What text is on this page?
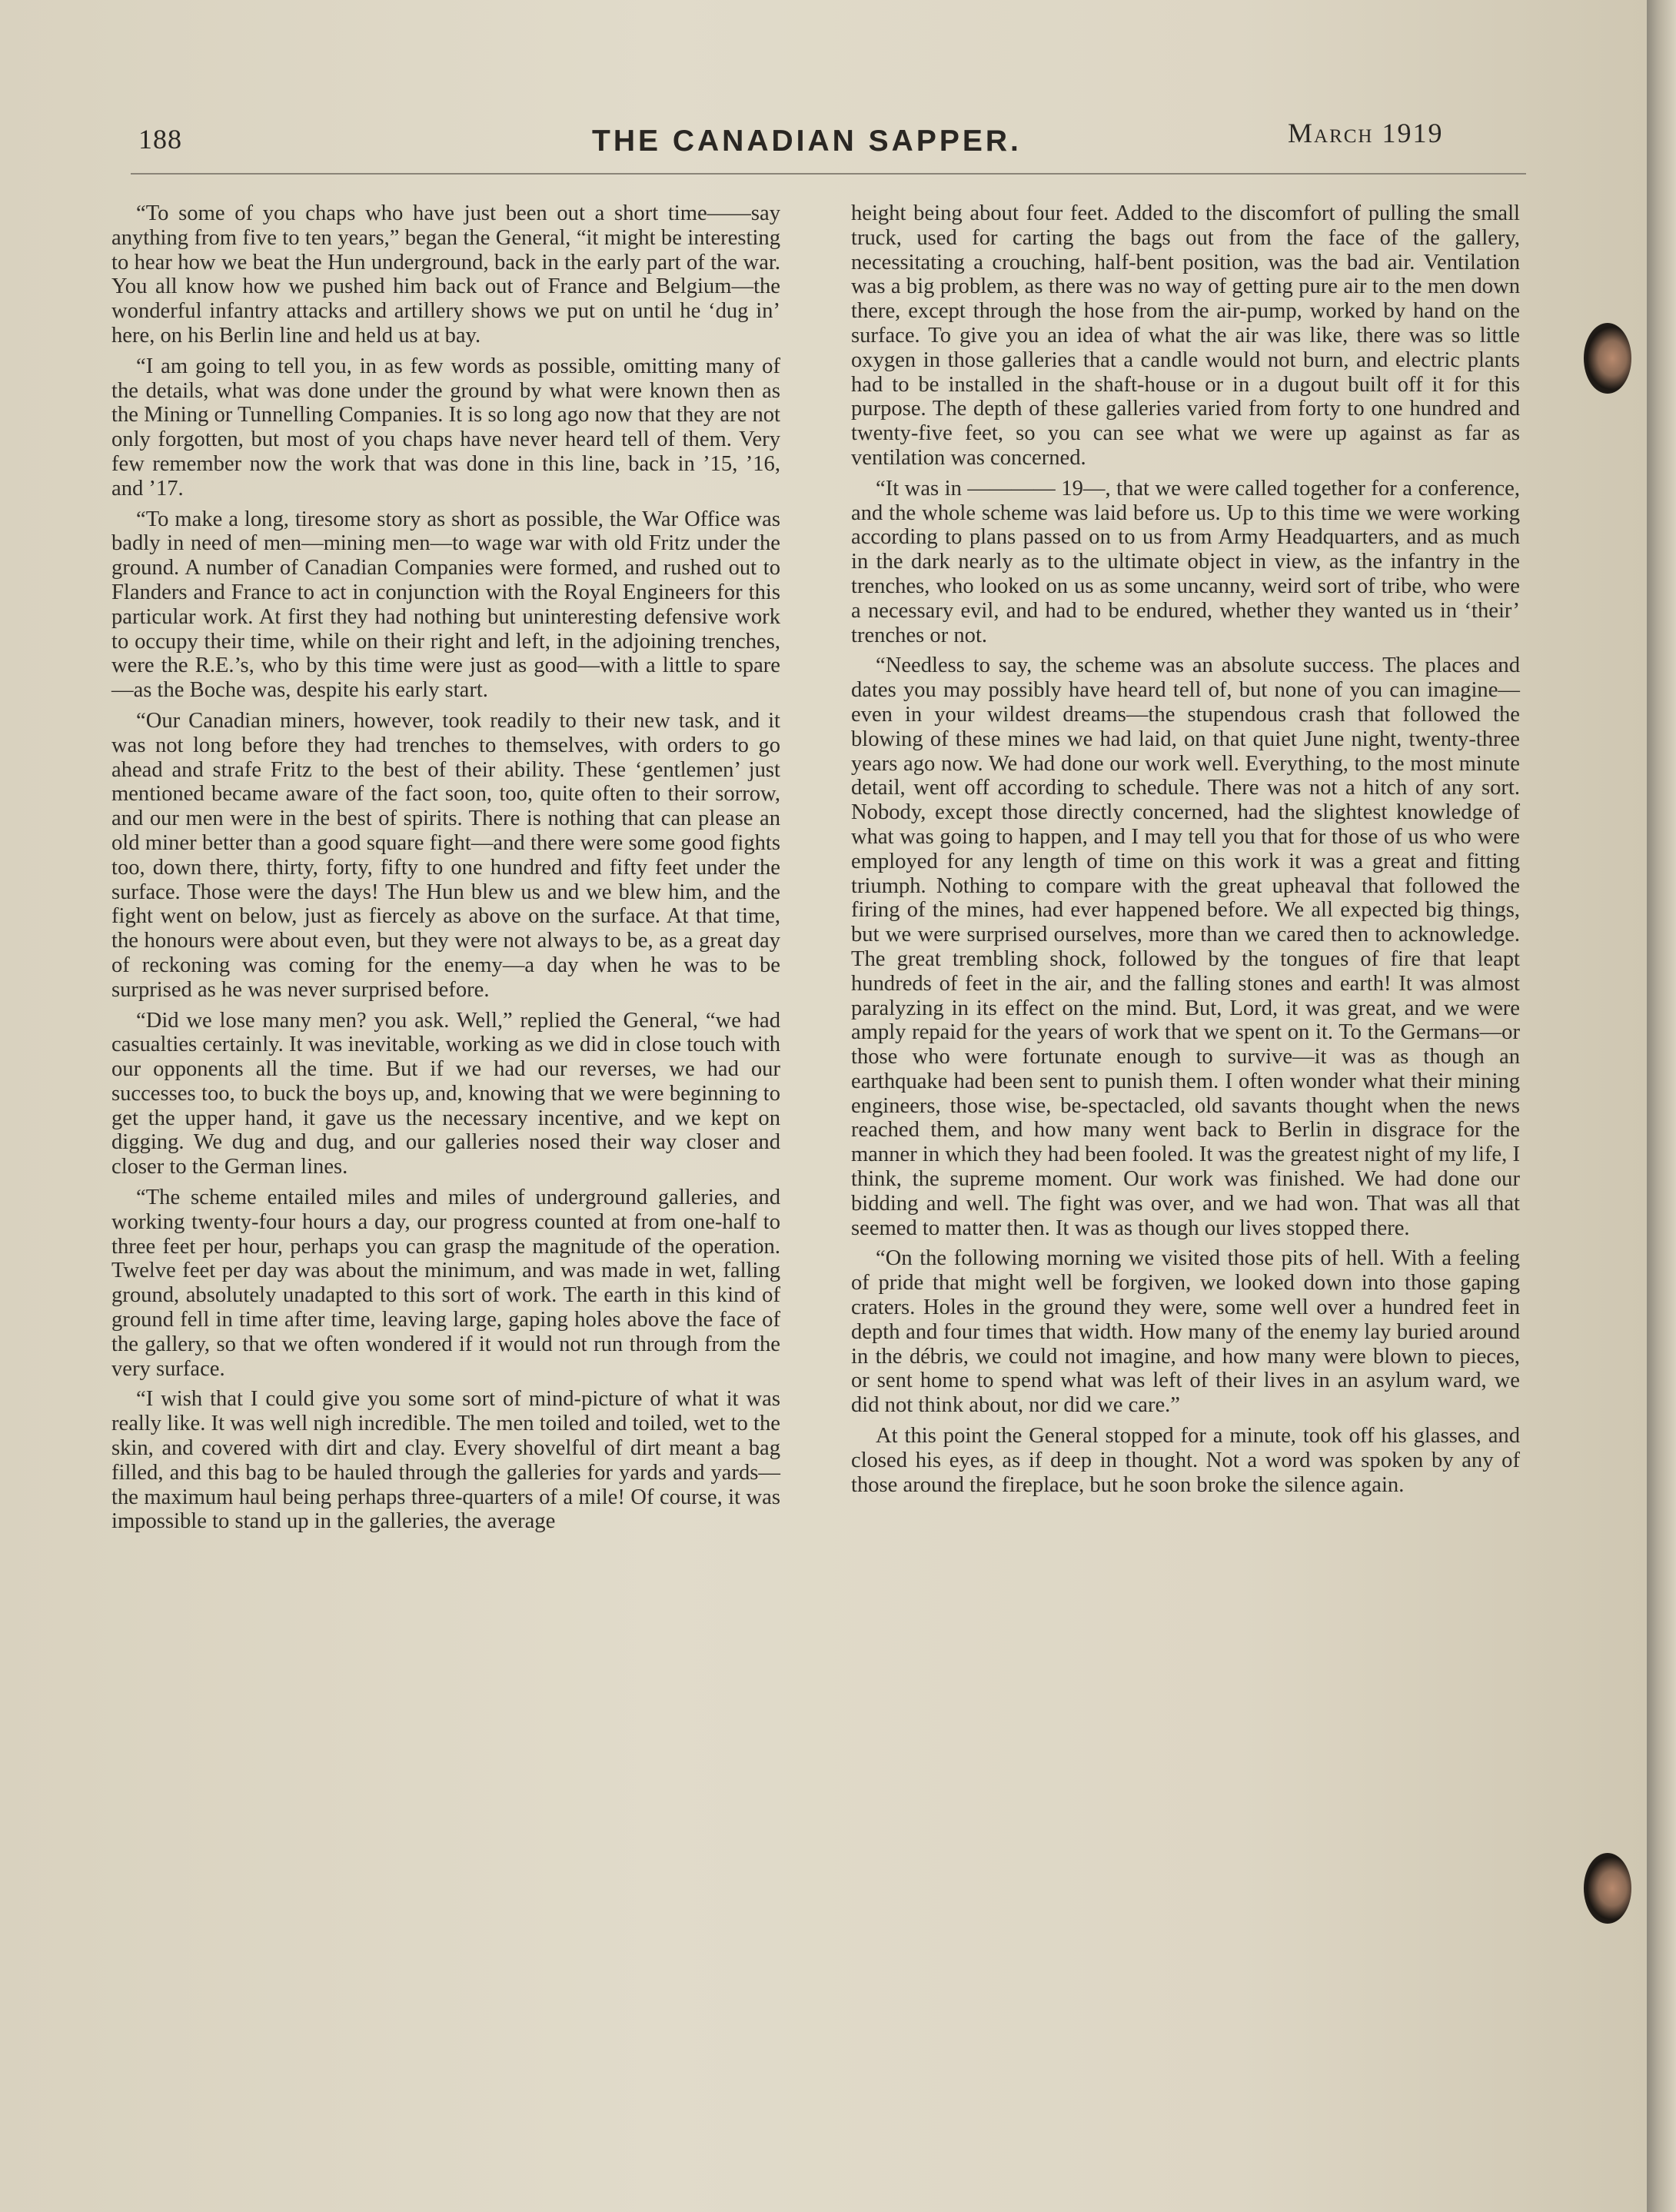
188	THE CANADIAN SAPPER.	March 1919

“To some of you chaps who have just been out a short time——say anything from five to ten years,” began the General, “it might be interesting to hear how we beat the Hun underground, back in the early part of the war. You all know how we pushed him back out of France and Belgium—the wonderful infantry attacks and artillery shows we put on until he ‘dug in’ here, on his Berlin line and held us at bay.

“I am going to tell you, in as few words as possible, omitting many of the details, what was done under the ground by what were known then as the Mining or Tunnelling Companies. It is so long ago now that they are not only forgotten, but most of you chaps have never heard tell of them. Very few remember now the work that was done in this line, back in ’15, ’16, and ’17.

“To make a long, tiresome story as short as possible, the War Office was badly in need of men—mining men—to wage war with old Fritz under the ground. A number of Canadian Companies were formed, and rushed out to Flanders and France to act in conjunction with the Royal Engineers for this particular work. At first they had nothing but uninteresting defensive work to occupy their time, while on their right and left, in the adjoining trenches, were the R.E.’s, who by this time were just as good—with a little to spare—as the Boche was, despite his early start.

“Our Canadian miners, however, took readily to their new task, and it was not long before they had trenches to themselves, with orders to go ahead and strafe Fritz to the best of their ability. These ‘gentlemen’ just mentioned became aware of the fact soon, too, quite often to their sorrow, and our men were in the best of spirits. There is nothing that can please an old miner better than a good square fight—and there were some good fights too, down there, thirty, forty, fifty to one hundred and fifty feet under the surface. Those were the days! The Hun blew us and we blew him, and the fight went on below, just as fiercely as above on the surface. At that time, the honours were about even, but they were not always to be, as a great day of reckoning was coming for the enemy—a day when he was to be surprised as he was never surprised before.

“Did we lose many men? you ask. Well,” replied the General, “we had casualties certainly. It was inevitable, working as we did in close touch with our opponents all the time. But if we had our reverses, we had our successes too, to buck the boys up, and, knowing that we were beginning to get the upper hand, it gave us the necessary incentive, and we kept on digging. We dug and dug, and our galleries nosed their way closer and closer to the German lines.

“The scheme entailed miles and miles of underground galleries, and working twenty-four hours a day, our progress counted at from one-half to three feet per hour, perhaps you can grasp the magnitude of the operation. Twelve feet per day was about the minimum, and was made in wet, falling ground, absolutely unadapted to this sort of work. The earth in this kind of ground fell in time after time, leaving large, gaping holes above the face of the gallery, so that we often wondered if it would not run through from the very surface.

“I wish that I could give you some sort of mind-picture of what it was really like. It was well nigh incredible. The men toiled and toiled, wet to the skin, and covered with dirt and clay. Every shovelful of dirt meant a bag filled, and this bag to be hauled through the galleries for yards and yards—the maximum haul being perhaps three-quarters of a mile! Of course, it was impossible to stand up in the galleries, the average

height being about four feet. Added to the discomfort of pulling the small truck, used for carting the bags out from the face of the gallery, necessitating a crouching, half-bent position, was the bad air. Ventilation was a big problem, as there was no way of getting pure air to the men down there, except through the hose from the air-pump, worked by hand on the surface. To give you an idea of what the air was like, there was so little oxygen in those galleries that a candle would not burn, and electric plants had to be installed in the shaft-house or in a dugout built off it for this purpose. The depth of these galleries varied from forty to one hundred and twenty-five feet, so you can see what we were up against as far as ventilation was concerned.

“It was in ———— 19—, that we were called together for a conference, and the whole scheme was laid before us. Up to this time we were working according to plans passed on to us from Army Headquarters, and as much in the dark nearly as to the ultimate object in view, as the infantry in the trenches, who looked on us as some uncanny, weird sort of tribe, who were a necessary evil, and had to be endured, whether they wanted us in ‘their’ trenches or not.

“Needless to say, the scheme was an absolute success. The places and dates you may possibly have heard tell of, but none of you can imagine—even in your wildest dreams—the stupendous crash that followed the blowing of these mines we had laid, on that quiet June night, twenty-three years ago now. We had done our work well. Everything, to the most minute detail, went off according to schedule. There was not a hitch of any sort. Nobody, except those directly concerned, had the slightest knowledge of what was going to happen, and I may tell you that for those of us who were employed for any length of time on this work it was a great and fitting triumph. Nothing to compare with the great upheaval that followed the firing of the mines, had ever happened before. We all expected big things, but we were surprised ourselves, more than we cared then to acknowledge. The great trembling shock, followed by the tongues of fire that leapt hundreds of feet in the air, and the falling stones and earth! It was almost paralyzing in its effect on the mind. But, Lord, it was great, and we were amply repaid for the years of work that we spent on it. To the Germans—or those who were fortunate enough to survive—it was as though an earthquake had been sent to punish them. I often wonder what their mining engineers, those wise, be-spectacled, old savants thought when the news reached them, and how many went back to Berlin in disgrace for the manner in which they had been fooled. It was the greatest night of my life, I think, the supreme moment. Our work was finished. We had done our bidding and well. The fight was over, and we had won. That was all that seemed to matter then. It was as though our lives stopped there.

“On the following morning we visited those pits of hell. With a feeling of pride that might well be forgiven, we looked down into those gaping craters. Holes in the ground they were, some well over a hundred feet in depth and four times that width. How many of the enemy lay buried around in the débris, we could not imagine, and how many were blown to pieces, or sent home to spend what was left of their lives in an asylum ward, we did not think about, nor did we care.”

At this point the General stopped for a minute, took off his glasses, and closed his eyes, as if deep in thought. Not a word was spoken by any of those around the fireplace, but he soon broke the silence again.
